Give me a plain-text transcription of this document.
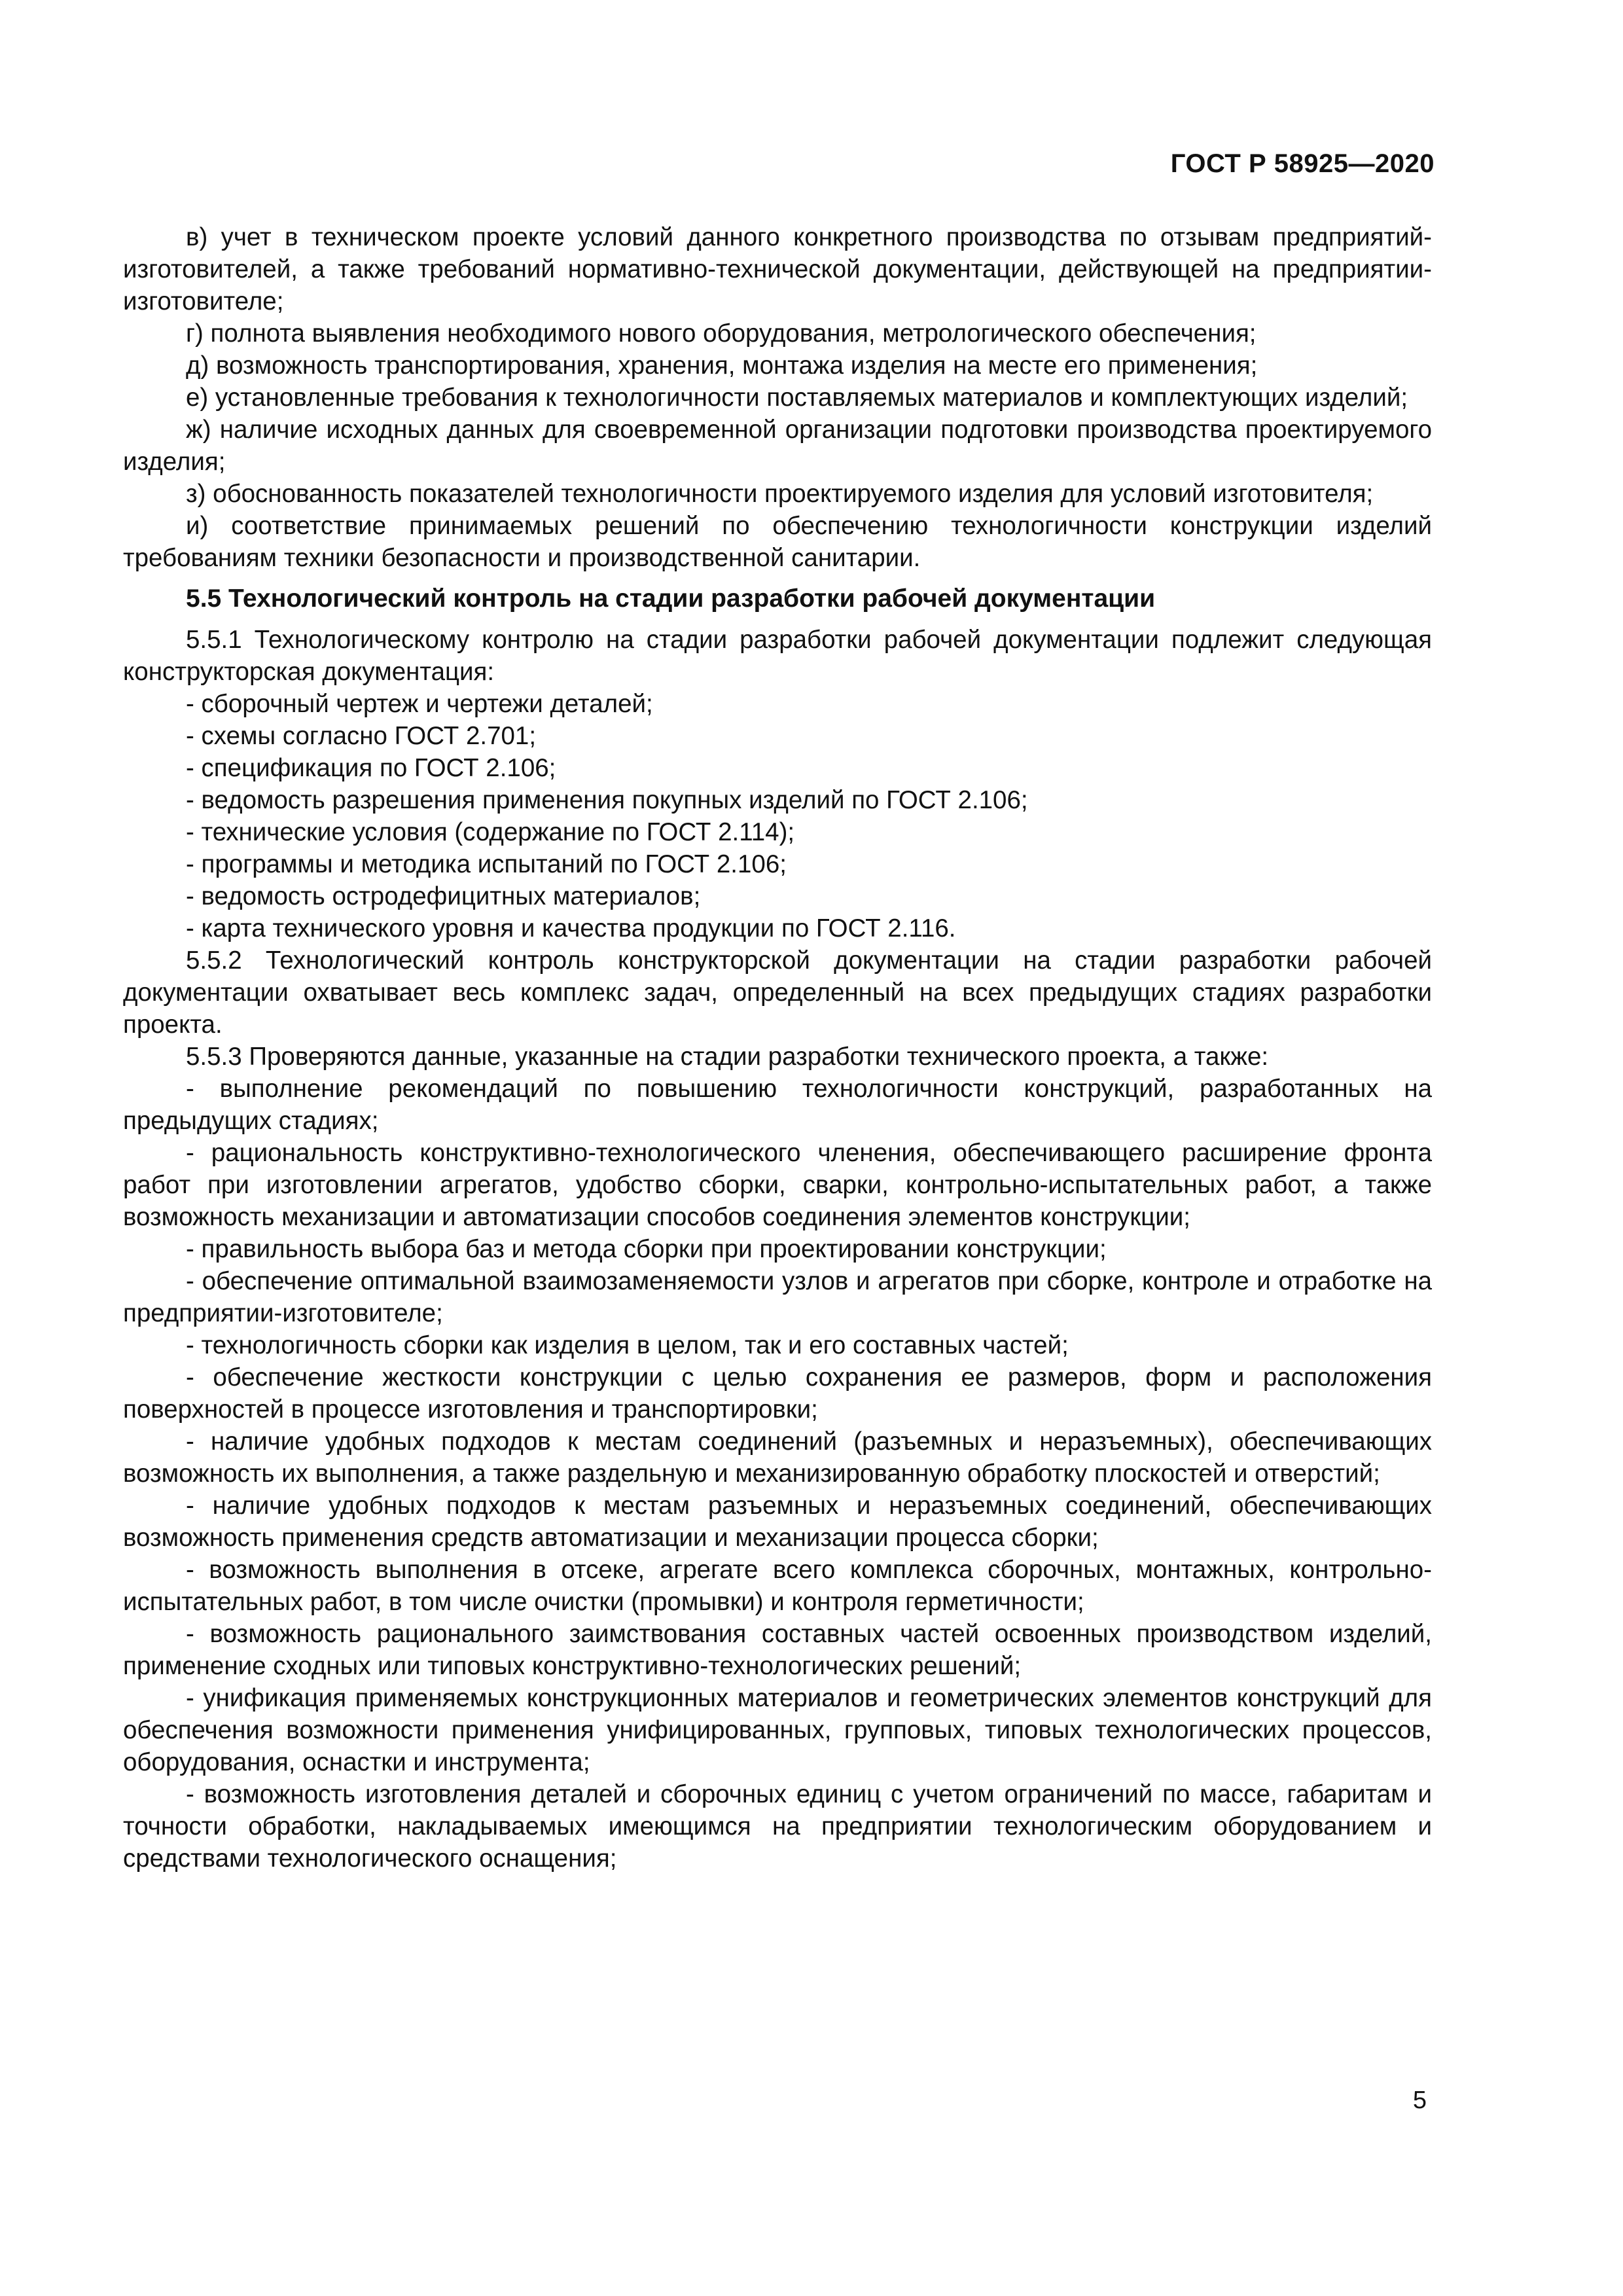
ГОСТ Р 58925—2020

в) учет в техническом проекте условий данного конкретного производства по отзывам предприятий-изготовителей, а также требований нормативно-технической документации, действующей на предприятии-изготовителе;

г) полнота выявления необходимого нового оборудования, метрологического обеспечения;

д) возможность транспортирования, хранения, монтажа изделия на месте его применения;

е) установленные требования к технологичности поставляемых материалов и комплектующих изделий;

ж) наличие исходных данных для своевременной организации подготовки производства проектируемого изделия;

з) обоснованность показателей технологичности проектируемого изделия для условий изготовителя;

и) соответствие принимаемых решений по обеспечению технологичности конструкции изделий требованиям техники безопасности и производственной санитарии.

5.5 Технологический контроль на стадии разработки рабочей документации

5.5.1 Технологическому контролю на стадии разработки рабочей документации подлежит следующая конструкторская документация:

- сборочный чертеж и чертежи деталей;

- схемы согласно ГОСТ 2.701;

- спецификация по ГОСТ 2.106;

- ведомость разрешения применения покупных изделий по ГОСТ 2.106;

- технические условия (содержание по ГОСТ 2.114);

- программы и методика испытаний по ГОСТ 2.106;

- ведомость остродефицитных материалов;

- карта технического уровня и качества продукции по ГОСТ 2.116.

5.5.2 Технологический контроль конструкторской документации на стадии разработки рабочей документации охватывает весь комплекс задач, определенный на всех предыдущих стадиях разработки проекта.

5.5.3 Проверяются данные, указанные на стадии разработки технического проекта, а также:

- выполнение рекомендаций по повышению технологичности конструкций, разработанных на предыдущих стадиях;

- рациональность конструктивно-технологического членения, обеспечивающего расширение фронта работ при изготовлении агрегатов, удобство сборки, сварки, контрольно-испытательных работ, а также возможность механизации и автоматизации способов соединения элементов конструкции;

- правильность выбора баз и метода сборки при проектировании конструкции;

- обеспечение оптимальной взаимозаменяемости узлов и агрегатов при сборке, контроле и отработке на предприятии-изготовителе;

- технологичность сборки как изделия в целом, так и его составных частей;

- обеспечение жесткости конструкции с целью сохранения ее размеров, форм и расположения поверхностей в процессе изготовления и транспортировки;

- наличие удобных подходов к местам соединений (разъемных и неразъемных), обеспечивающих возможность их выполнения, а также раздельную и механизированную обработку плоскостей и отверстий;

- наличие удобных подходов к местам разъемных и неразъемных соединений, обеспечивающих возможность применения средств автоматизации и механизации процесса сборки;

- возможность выполнения в отсеке, агрегате всего комплекса сборочных, монтажных, контрольно-испытательных работ, в том числе очистки (промывки) и контроля герметичности;

- возможность рационального заимствования составных частей освоенных производством изделий, применение сходных или типовых конструктивно-технологических решений;

- унификация применяемых конструкционных материалов и геометрических элементов конструкций для обеспечения возможности применения унифицированных, групповых, типовых технологических процессов, оборудования, оснастки и инструмента;

- возможность изготовления деталей и сборочных единиц с учетом ограничений по массе, габаритам и точности обработки, накладываемых имеющимся на предприятии технологическим оборудованием и средствами технологического оснащения;

5
